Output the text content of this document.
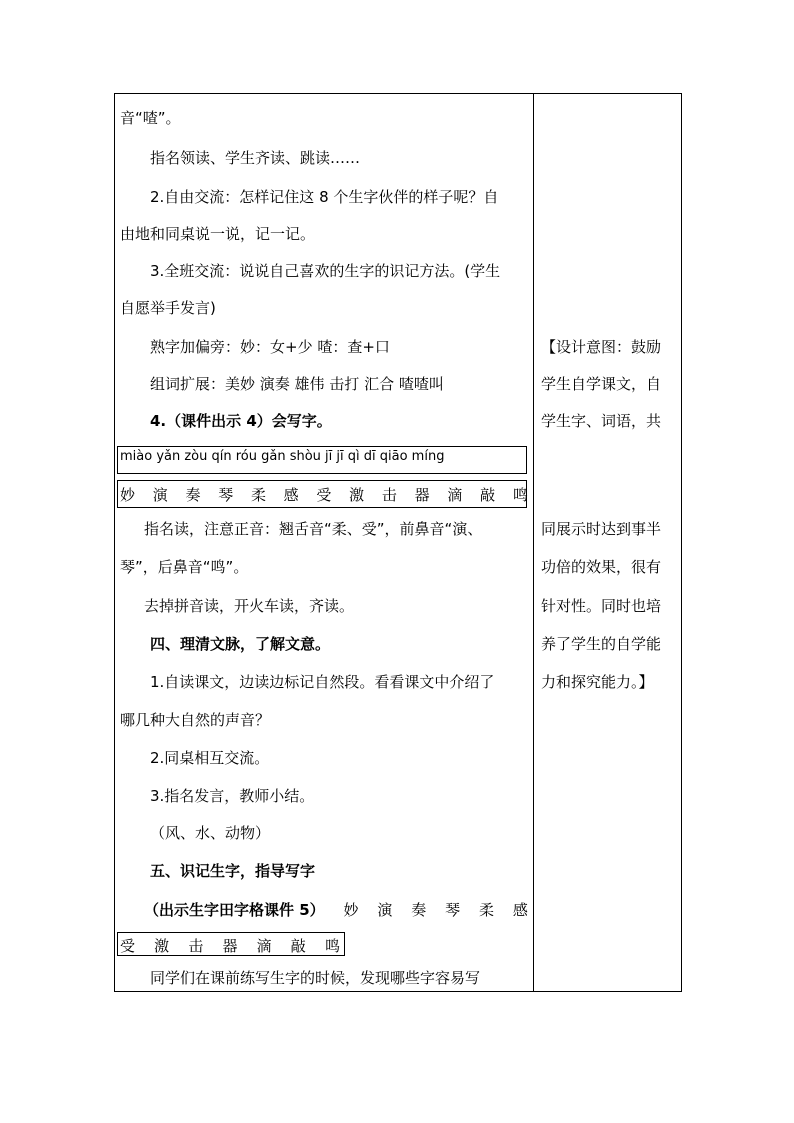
音“喳”。
指名领读、学生齐读、跳读……
2.自由交流：怎样记住这 8 个生字伙伴的样子呢？自
由地和同桌说一说，记一记。
3.全班交流：说说自己喜欢的生字的识记方法。(学生
自愿举手发言)
熟字加偏旁：妙：女+少 喳：查+口
组词扩展：美妙 演奏 雄伟 击打 汇合 喳喳叫
4.（课件出示 4）会写字。
miào yǎn zòu qín róu gǎn shòu jī jī qì dī qiāo míng
妙 演 奏 琴 柔 感 受 激 击 器 滴 敲 鸣
指名读，注意正音：翘舌音“柔、受”，前鼻音“演、
琴”，后鼻音“鸣”。
去掉拼音读，开火车读，齐读。
四、理清文脉，了解文意。
1.自读课文，边读边标记自然段。看看课文中介绍了
哪几种大自然的声音？
2.同桌相互交流。
3.指名发言，教师小结。
（风、水、动物）
五、识记生字，指导写字
（出示生字田字格课件 5） 妙 演 奏 琴 柔 感
受 激 击 器 滴 敲 鸣
同学们在课前练写生字的时候，发现哪些字容易写
【设计意图：鼓励
学生自学课文，自
学生字、词语，共
同展示时达到事半
功倍的效果，很有
针对性。同时也培
养了学生的自学能
力和探究能力。】
